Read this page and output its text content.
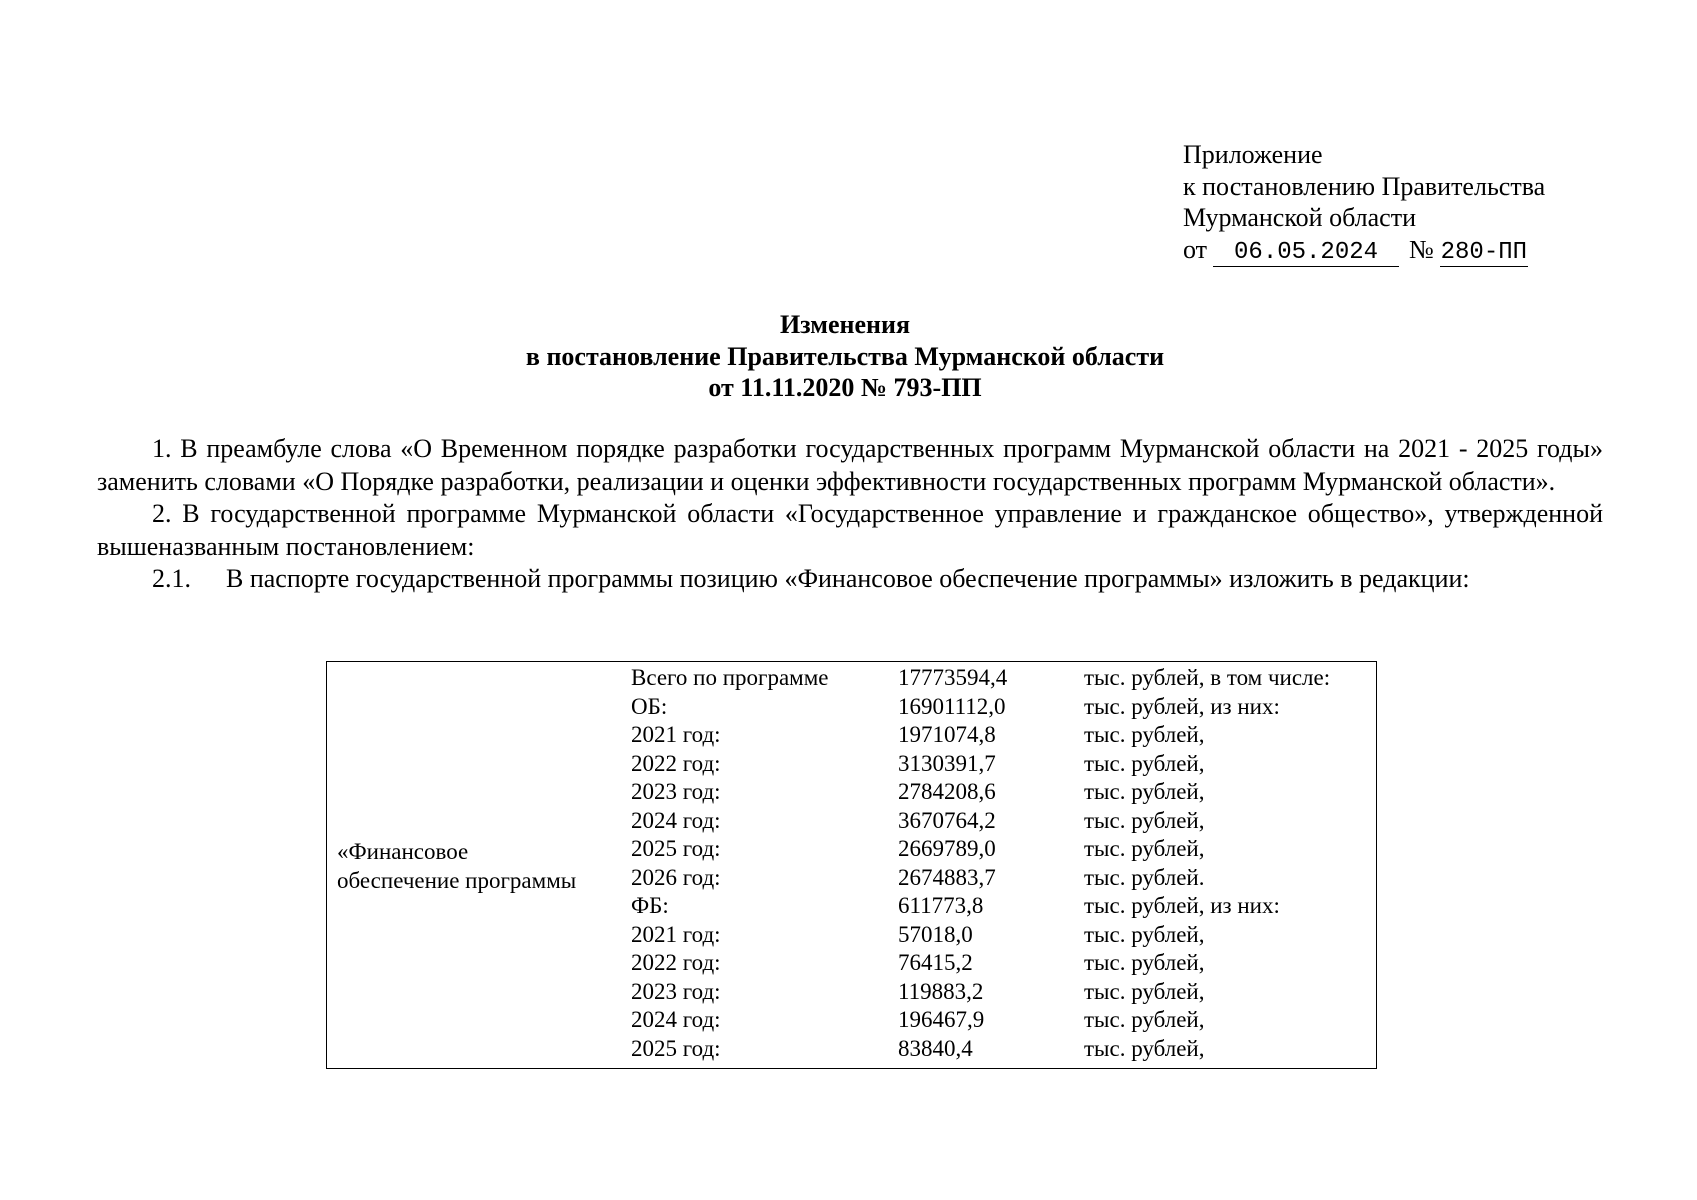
Приложение
к постановлению Правительства
Мурманской области
от 06.05.2024 № 280-ПП
Изменения
в постановление Правительства Мурманской области
от 11.11.2020 № 793-ПП

1. В преамбуле слова «О Временном порядке разработки государственных программ Мурманской области на 2021 - 2025 годы» заменить словами «О Порядке разработки, реализации и оценки эффективности государственных программ Мурманской области».

2. В государственной программе Мурманской области «Государственное управление и гражданское общество», утвержденной вышеназванным постановлением:

2.1. В паспорте государственной программы позицию «Финансовое обеспечение программы» изложить в редакции:

«Финансовое
обеспечение программы
Всего по программе	17773594,4	тыс. рублей, в том числе:
ОБ:	16901112,0	тыс. рублей, из них:
2021 год:	1971074,8	тыс. рублей,
2022 год:	3130391,7	тыс. рублей,
2023 год:	2784208,6	тыс. рублей,
2024 год:	3670764,2	тыс. рублей,
2025 год:	2669789,0	тыс. рублей,
2026 год:	2674883,7	тыс. рублей.
ФБ:	611773,8	тыс. рублей, из них:
2021 год:	57018,0	тыс. рублей,
2022 год:	76415,2	тыс. рублей,
2023 год:	119883,2	тыс. рублей,
2024 год:	196467,9	тыс. рублей,
2025 год:	83840,4	тыс. рублей,
